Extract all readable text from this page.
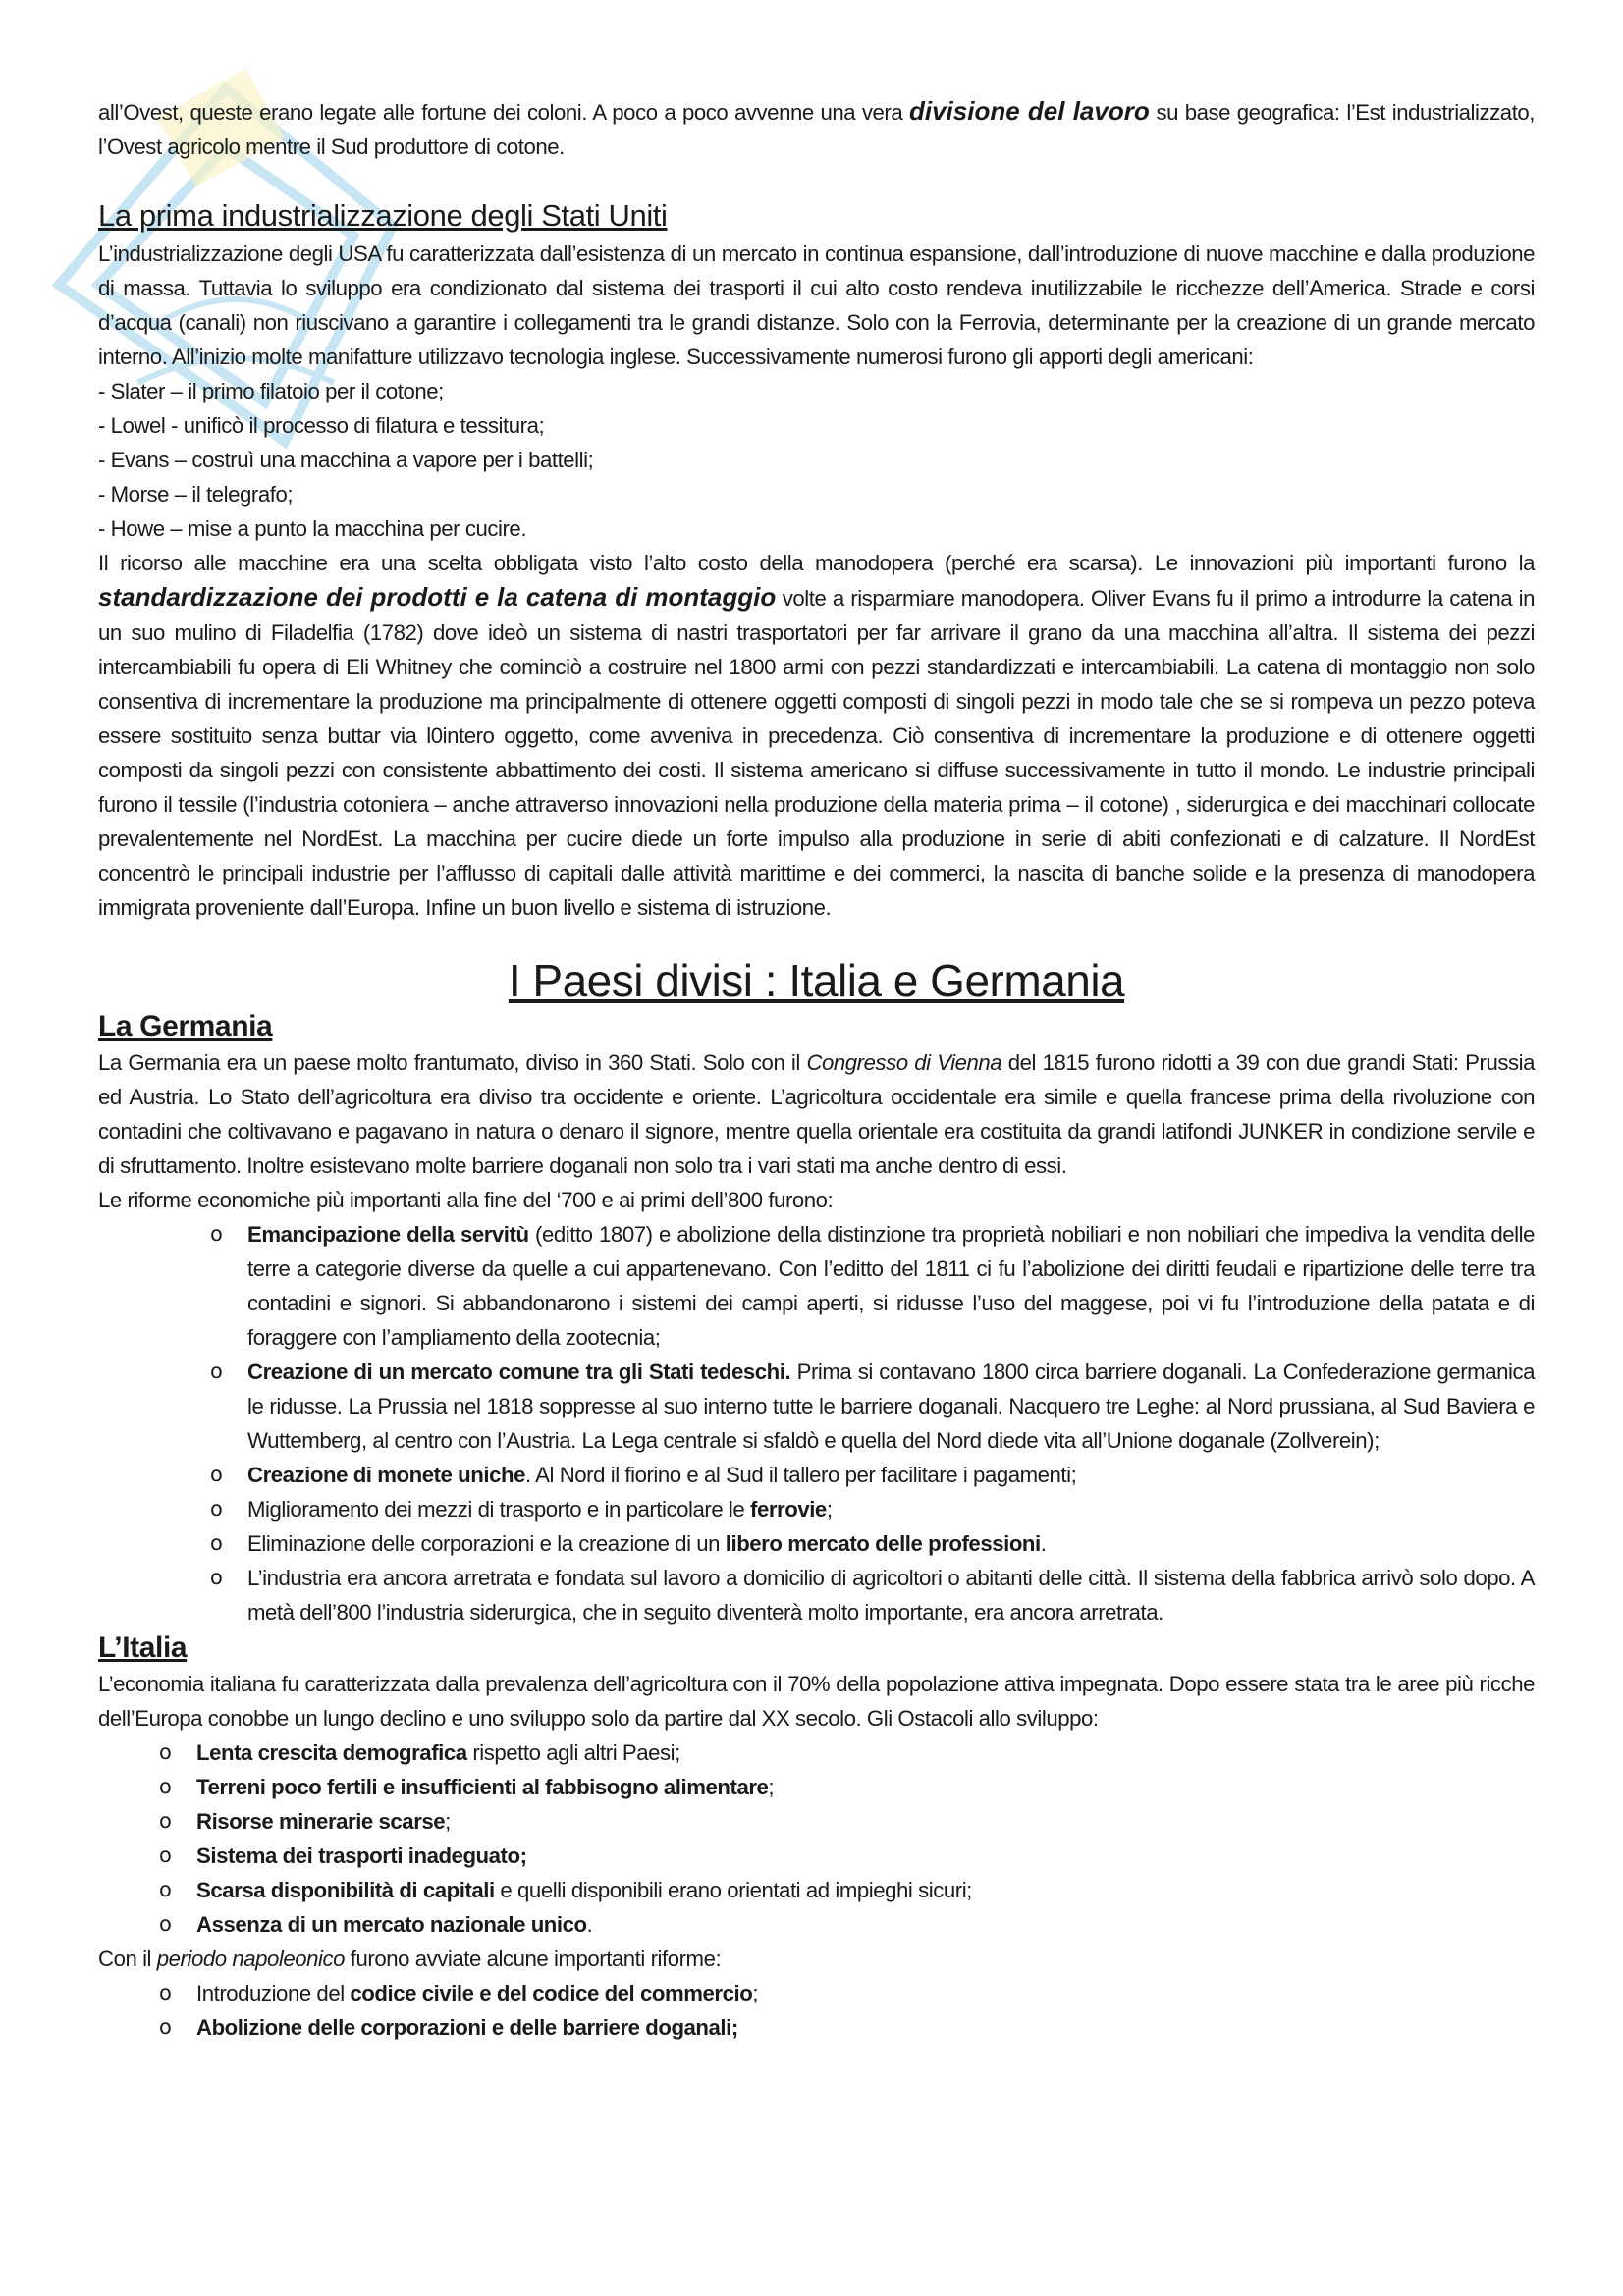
all’Ovest, queste erano legate alle fortune dei coloni. A poco a poco avvenne una vera divisione del lavoro su base geografica: l’Est industrializzato, l’Ovest agricolo mentre il Sud produttore di cotone.

La prima industrializzazione degli Stati Uniti

L’industrializzazione degli USA fu caratterizzata dall’esistenza di un mercato in continua espansione, dall’introduzione di nuove macchine e dalla produzione di massa. Tuttavia lo sviluppo era condizionato dal sistema dei trasporti il cui alto costo rendeva inutilizzabile le ricchezze dell’America. Strade e corsi d’acqua (canali) non riuscivano a garantire i collegamenti tra le grandi distanze. Solo con la Ferrovia, determinante per la creazione di un grande mercato interno. All’inizio molte manifatture utilizzavo tecnologia inglese. Successivamente numerosi furono gli apporti degli americani:

- Slater – il primo filatoio per il cotone;
- Lowel - unificò il processo di filatura e tessitura;
- Evans – costruì una macchina a vapore per i battelli;
- Morse – il telegrafo;
- Howe – mise a punto la macchina per cucire.

Il ricorso alle macchine era una scelta obbligata visto l’alto costo della manodopera (perché era scarsa). Le innovazioni più importanti furono la standardizzazione dei prodotti e la catena di montaggio volte a risparmiare manodopera. Oliver Evans fu il primo a introdurre la catena in un suo mulino di Filadelfia (1782) dove ideò un sistema di nastri trasportatori per far arrivare il grano da una macchina all’altra. Il sistema dei pezzi intercambiabili fu opera di Eli Whitney che cominciò a costruire nel 1800 armi con pezzi standardizzati e intercambiabili. La catena di montaggio non solo consentiva di incrementare la produzione ma principalmente di ottenere oggetti composti di singoli pezzi in modo tale che se si rompeva un pezzo poteva essere sostituito senza buttar via l0intero oggetto, come avveniva in precedenza. Ciò consentiva di incrementare la produzione e di ottenere oggetti composti da singoli pezzi con consistente abbattimento dei costi. Il sistema americano si diffuse successivamente in tutto il mondo. Le industrie principali furono il tessile (l’industria cotoniera – anche attraverso innovazioni nella produzione della materia prima – il cotone) , siderurgica e dei macchinari collocate prevalentemente nel NordEst. La macchina per cucire diede un forte impulso alla produzione in serie di abiti confezionati e di calzature. Il NordEst concentrò le principali industrie per l’afflusso di capitali dalle attività marittime e dei commerci, la nascita di banche solide e la presenza di manodopera immigrata proveniente dall’Europa. Infine un buon livello e sistema di istruzione.

I Paesi divisi : Italia e Germania
La Germania

La Germania era un paese molto frantumato, diviso in 360 Stati. Solo con il Congresso di Vienna del 1815 furono ridotti a 39 con due grandi Stati: Prussia ed Austria. Lo Stato dell’agricoltura era diviso tra occidente e oriente. L’agricoltura occidentale era simile e quella francese prima della rivoluzione con contadini che coltivavano e pagavano in natura o denaro il signore, mentre quella orientale era costituita da grandi latifondi JUNKER in condizione servile e di sfruttamento. Inoltre esistevano molte barriere doganali non solo tra i vari stati ma anche dentro di essi.

Le riforme economiche più importanti alla fine del ‘700 e ai primi dell’800 furono:

o Emancipazione della servitù (editto 1807) e abolizione della distinzione tra proprietà nobiliari e non nobiliari che impediva la vendita delle terre a categorie diverse da quelle a cui appartenevano. Con l’editto del 1811 ci fu l’abolizione dei diritti feudali e ripartizione delle terre tra contadini e signori. Si abbandonarono i sistemi dei campi aperti, si ridusse l’uso del maggese, poi vi fu l’introduzione della patata e di foraggere con l’ampliamento della zootecnia;
o Creazione di un mercato comune tra gli Stati tedeschi. Prima si contavano 1800 circa barriere doganali. La Confederazione germanica le ridusse. La Prussia nel 1818 soppresse al suo interno tutte le barriere doganali. Nacquero tre Leghe: al Nord prussiana, al Sud Baviera e Wuttemberg, al centro con l’Austria. La Lega centrale si sfaldò e quella del Nord diede vita all’Unione doganale (Zollverein);
o Creazione di monete uniche. Al Nord il fiorino e al Sud il tallero per facilitare i pagamenti;
o Miglioramento dei mezzi di trasporto e in particolare le ferrovie;
o Eliminazione delle corporazioni e la creazione di un libero mercato delle professioni.
o L’industria era ancora arretrata e fondata sul lavoro a domicilio di agricoltori o abitanti delle città. Il sistema della fabbrica arrivò solo dopo. A metà dell’800 l’industria siderurgica, che in seguito diventerà molto importante, era ancora arretrata.
L’Italia

L’economia italiana fu caratterizzata dalla prevalenza dell’agricoltura con il 70% della popolazione attiva impegnata. Dopo essere stata tra le aree più ricche dell’Europa conobbe un lungo declino e uno sviluppo solo da partire dal XX secolo. Gli Ostacoli allo sviluppo:

o Lenta crescita demografica rispetto agli altri Paesi;
o Terreni poco fertili e insufficienti al fabbisogno alimentare;
o Risorse minerarie scarse;
o Sistema dei trasporti inadeguato;
o Scarsa disponibilità di capitali e quelli disponibili erano orientati ad impieghi sicuri;
o Assenza di un mercato nazionale unico.

Con il periodo napoleonico furono avviate alcune importanti riforme:

o Introduzione del codice civile e del codice del commercio;
o Abolizione delle corporazioni e delle barriere doganali;
